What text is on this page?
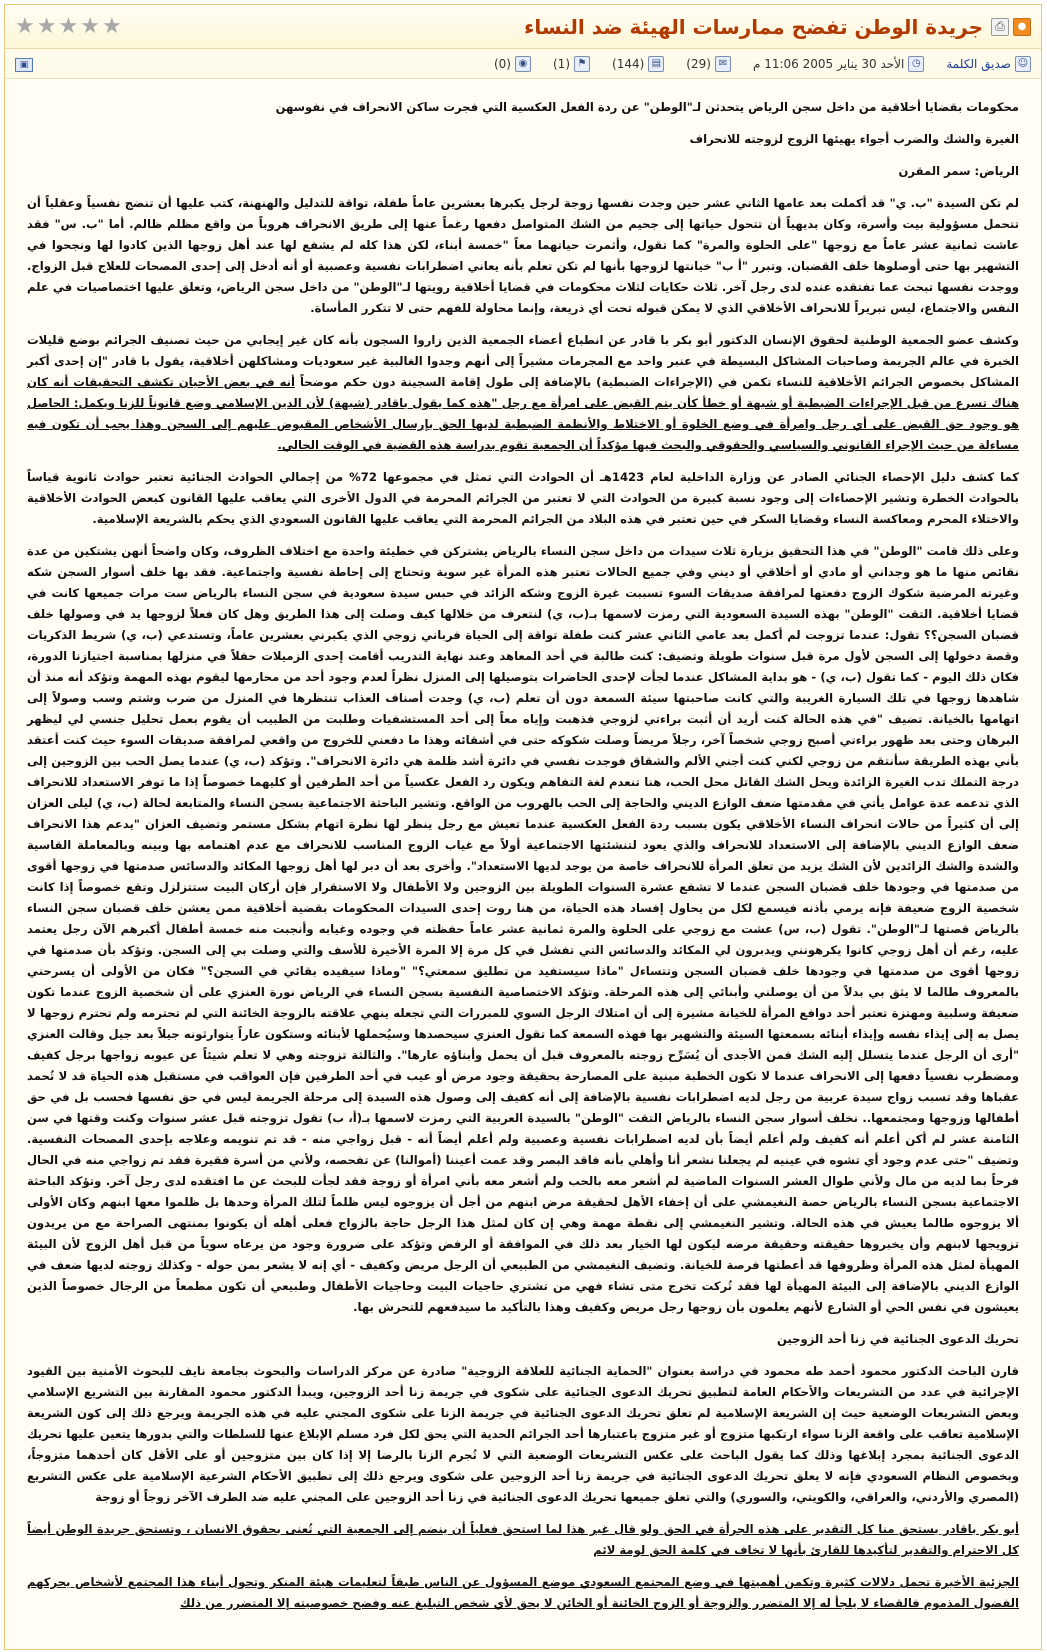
●
⎙
جريدة الوطن تفضح ممارسات الهيئة ضد النساء
★ ★ ★ ★ ★
☺
صديق الكلمة
◷
الأحد 30 يناير 2005 11:06 م
✉
(29)
▤
(144)
⚑
(1)
◉
(0)
▣

محكومات بقضايا أخلاقية من داخل سجن الرياض يتحدثن لـ"الوطن" عن ردة الفعل العكسية التي فجرت ساكن الانحراف في نفوسهن

الغيرة والشك والضرب أجواء يهيئها الزوج لزوجته للانحراف

الرياض: سمر المقرن

لم تكن السيدة "ب. ي" قد أكملت بعد عامها الثاني عشر حين وجدت نفسها زوجة لرجل يكبرها بعشرين عاماً طفلة، تواقة للتدليل والهنهنة، كتب عليها أن تنضج نفسياً وعقلياً أن تتحمل مسؤولية بيت وأسرة، وكان بديهياً أن تتحول حياتها إلى جحيم من الشك المتواصل دفعها رغماً عنها إلى طريق الانحراف هروباً من واقع مظلم ظالم. أما "ب. س" فقد عاشت ثمانية عشر عاماً مع زوجها "على الحلوة والمرة" كما تقول، وأثمرت حياتهما معاً "خمسة أبناء، لكن هذا كله لم يشفع لها عند أهل زوجها الذين كادوا لها ونجحوا في التشهير بها حتى أوصلوها خلف القضبان. وتبرر "أ ب" خيانتها لزوجها بأنها لم تكن تعلم بأنه يعاني اضطرابات نفسية وعصبية أو أنه أدخل إلى إحدى المصحات للعلاج قبل الزواج. ووجدت نفسها تبحث عما تفتقده عنده لدى رجل آخر. ثلاث حكايات لثلاث محكومات في قضايا أخلاقية رويتها لـ"الوطن" من داخل سجن الرياض، وتعلق عليها اختصاصيات في علم النفس والاجتماع، ليس تبريراً للانحراف الأخلاقي الذي لا يمكن قبوله تحت أي ذريعة، وإنما محاولة للفهم حتى لا تتكرر المأساة.

وكشف عضو الجمعية الوطنية لحقوق الإنسان الدكتور أبو بكر با قادر عن انطباع أعضاء الجمعية الذين زاروا السجون بأنه كان غير إيجابي من حيث تصنيف الجرائم بوضع قليلات الخبرة في عالم الجريمة وصاحبات المشاكل البسيطة في عنبر واحد مع المجرمات مشيراً إلى أنهم وجدوا الغالبية غير سعوديات ومشاكلهن أخلاقية، يقول با قادر "إن إحدى أكبر المشاكل بخصوص الجرائم الأخلاقية للنساء تكمن في (الإجراءات الضبطية) بالإضافة إلى طول إقامة السجينة دون حكم موضحاً أنه في بعض الأحيان تكشف التحقيقات أنه كان هناك تسرع من قبل الإجراءات الضبطية أو شبهة أو خطأ كأن يتم القبض على امرأة مع رجل "هذه كما يقول باقادر (شبهة) لأن الدين الإسلامي وضع قانوناً للزنا ويكمل: الحاصل هو وجود حق القبض على أي رجل وامرأة في وضع الخلوة أو الاختلاط والأنظمة الضبطية لديها الحق بإرسال الأشخاص المقبوض عليهم إلى السجن وهذا يجب أن تكون فيه مساءلة من حيث الإجراء القانوني والسياسي والحقوقي والبحث فيها مؤكداً أن الجمعية تقوم بدراسة هذه القضية في الوقت الحالي.

كما كشف دليل الإحصاء الجنائي الصادر عن وزارة الداخلية لعام 1423هـ أن الحوادث التي تمثل في مجموعها 72% من إجمالي الحوادث الجنائية تعتبر حوادث ثانوية قياساً بالحوادث الخطرة وتشير الإحصاءات إلى وجود نسبة كبيرة من الحوادث التي لا تعتبر من الجرائم المحرمة في الدول الأخرى التي يعاقب عليها القانون كبعض الحوادث الأخلاقية والاختلاء المحرم ومعاكسة النساء وقضايا السكر في حين تعتبر في هذه البلاد من الجرائم المحرمة التي يعاقب عليها القانون السعودي الذي يحكم بالشريعة الإسلامية.

وعلى ذلك قامت "الوطن" في هذا التحقيق بزيارة ثلاث سيدات من داخل سجن النساء بالرياض يشتركن في خطيئة واحدة مع اختلاف الظروف، وكان واضحاً أنهن يشتكين من عدة نقائص منها ما هو وجداني أو مادي أو أخلاقي أو ديني وفي جميع الحالات تعتبر هذه المرأة غير سوية وتحتاج إلى إحاطة نفسية واجتماعية. فقد بها خلف أسوار السجن شكه وغيرته المرضية شكوك الزوج دفعتها لمرافقة صديقات السوء تسببت غيرة الزوج وشكه الزائد في حبس سيدة سعودية في سجن النساء بالرياض ست مرات جميعها كانت في قضايا أخلاقية. التقت "الوطن" بهذه السيدة السعودية التي رمزت لاسمها بـ(ب، ي) لنتعرف من خلالها كيف وصلت إلى هذا الطريق وهل كان فعلاً لزوجها يد في وصولها خلف قضبان السجن؟؟ تقول: عندما تزوجت لم أكمل بعد عامي الثاني عشر كنت طفلة تواقة إلى الحياة فرباني زوجي الذي يكبرني بعشرين عاماً، وتستدعي (ب، ي) شريط الذكريات وقصة دخولها إلى السجن لأول مرة قبل سنوات طويلة وتضيف: كنت طالبة في أحد المعاهد وعند نهاية التدريب أقامت إحدى الزميلات حفلاً في منزلها بمناسبة اجتيازنا الدورة، فكان ذلك اليوم - كما تقول (ب، ي) - هو بداية المشاكل عندما لجأت لإحدى الحاضرات بتوصيلها إلى المنزل نظراً لعدم وجود أحد من محارمها ليقوم بهذه المهمة وتؤكد أنه منذ أن شاهدها زوجها في تلك السيارة الغريبة والتي كانت صاحبتها سيئة السمعة دون أن تعلم (ب، ي) وجدت أصناف العذاب تنتظرها في المنزل من ضرب وشتم وسب وصولاً إلى اتهامها بالخيانة. تضيف "في هذه الحالة كنت أريد أن أثبت براءتي لزوجي فذهبت وإياه معاً إلى أحد المستشفيات وطلبت من الطبيب أن يقوم بعمل تحليل جنسي لي ليظهر البرهان وحتى بعد ظهور براءتي أصبح زوجي شخصاً آخر، رجلاً مريضاً وصلت شكوكه حتى في أشقائه وهذا ما دفعني للخروج من واقعي لمرافقة صديقات السوء حيث كنت أعتقد بأني بهذه الطريقة سأنتقم من زوجي لكني كنت أجني الألم والشقاق فوجدت نفسي في دائرة أشد ظلمة هي دائرة الانحراف". وتؤكد (ب، ي) عندما يصل الحب بين الزوجين إلى درجة التملك تدب الغيرة الزائدة ويحل الشك القاتل محل الحب، هنا تنعدم لغة التفاهم ويكون رد الفعل عكسياً من أحد الطرفين أو كليهما خصوصاً إذا ما توفر الاستعداد للانحراف الذي تدعمه عدة عوامل يأتي في مقدمتها ضعف الوازع الديني والحاجة إلى الحب بالهروب من الواقع. وتشير الباحثة الاجتماعية بسجن النساء والمتابعة لحالة (ب، ي) ليلى العزان إلى أن كثيراً من حالات انحراف النساء الأخلاقي يكون بسبب ردة الفعل العكسية عندما تعيش مع رجل ينظر لها نظرة اتهام بشكل مستمر وتضيف العزان "يدعم هذا الانحراف ضعف الوازع الديني بالإضافة إلى الاستعداد للانحراف والذي يعود لتنشئتها الاجتماعية أولاً مع غياب الزوج المناسب للانحراف مع عدم اهتمامه بها وبينه وبالمعاملة القاسية والشدة والشك الزائدين لأن الشك يزيد من تعلق المرأة للانحراف خاصة من يوجد لديها الاستعداد". وأخرى بعد أن دبر لها أهل زوجها المكائد والدسائس صدمتها في زوجها أقوى من صدمتها في وجودها خلف قضبان السجن عندما لا تشفع عشرة السنوات الطويلة بين الزوجين ولا الأطفال ولا الاستقرار فإن أركان البيت ستتزلزل وتقع خصوصاً إذا كانت شخصية الزوج ضعيفة فإنه يرمي بأذنه فيسمع لكل من يحاول إفساد هذه الحياة، من هنا روت إحدى السيدات المحكومات بقضية أخلاقية ممن يعشن خلف قضبان سجن النساء بالرياض قصتها لـ"الوطن". تقول (ب، س) عشت مع زوجي على الحلوة والمرة ثمانية عشر عاماً حفظته في وجوده وغيابه وأنجبت منه خمسة أطفال أكبرهم الآن رجل يعتمد عليه، رغم أن أهل زوجي كانوا يكرهونني ويدبرون لي المكائد والدسائس التي تفشل في كل مرة إلا المرة الأخيرة للأسف والتي وصلت بي إلى السجن. وتؤكد بأن صدمتها في زوجها أقوى من صدمتها في وجودها خلف قضبان السجن وتتساءل "ماذا سيستفيد من تطليق سمعتي؟" "وماذا سيفيده بقائي في السجن؟" فكان من الأولى أن يسرحني بالمعروف طالما لا يثق بي بدلاً من أن يوصلني وأبنائي إلى هذه المرحلة. وتؤكد الاختصاصية النفسية بسجن النساء في الرياض نورة العنزي على أن شخصية الزوج عندما تكون ضعيفة وسلبية ومهتزة تعتبر أحد دوافع المرأة للخيانة مشيرة إلى أن امتلاك الرجل السوي للمبررات التي تجعله ينهي علاقته بالزوجة الخائنة التي لم تحترمه ولم تحترم زوجها لا يصل به إلى إيذاء نفسه وإيذاء أبنائه بسمعتها السيئة والتشهير بها فهذه السمعة كما تقول العنزي سيحصدها وسيُحملها لأبنائه وستكون عاراً يتوارثونه جيلاً بعد جيل وقالت العنزي "أرى أن الرجل عندما يتسلل إليه الشك فمن الأجدى أن يُسَرِّح زوجته بالمعروف قبل أن يحمل وأبناؤه عارها". والثالثة تزوجته وهي لا تعلم شيئاً عن عيوبه زواجها برجل كفيف ومضطرب نفسياً دفعها إلى الانحراف عندما لا تكون الخطبة مبنية على المصارحة بحقيقة وجود مرض أو عيب في أحد الطرفين فإن العواقب في مستقبل هذه الحياة قد لا تُحمد عقباها وقد تسبب زواج سيدة عربية من رجل لديه اضطرابات نفسية بالإضافة إلى أنه كفيف إلى وصول هذه السيدة إلى مرحلة الجريمة ليس في حق نفسها فحسب بل في حق أطفالها وزوجها ومجتمعها.. نخلف أسوار سجن النساء بالرياض التقت "الوطن" بالسيدة العربية التي رمزت لاسمها بـ(أ، ب) تقول تزوجته قبل عشر سنوات وكنت وقتها في سن الثامنة عشر لم أكن أعلم أنه كفيف ولم أعلم أيضاً بأن لديه اضطرابات نفسية وعصبية ولم أعلم أيضاً أنه - قبل زواجي منه - قد تم تنويمه وعلاجه بإحدى المصحات النفسية. وتضيف "حتى عدم وجود أي تشوه في عينيه لم يجعلنا نشعر أنا وأهلي بأنه فاقد البصر وقد عمت أعيننا (أموالنا) عن تفحصه، ولأني من أسرة فقيرة فقد تم زواجي منه في الحال فرحاً بما لديه من مال ولأني طوال العشر السنوات الماضية لم أشعر معه بالحب ولم أشعر معه بأني امرأة أو زوجة فقد لجأت للبحث عن ما افتقده لدى رجل آخر. وتؤكد الباحثة الاجتماعية بسجن النساء بالرياض حصة النغيمشي على أن إخفاء الأهل لحقيقة مرض ابنهم من أجل أن يزوجوه ليس ظلماً لتلك المرأة وحدها بل ظلموا معها ابنهم وكان الأولى ألا يزوجوه طالما يعيش في هذه الحالة. وتشير النغيمشي إلى نقطة مهمة وهي إن كان لمثل هذا الرجل حاجة بالزواج فعلى أهله أن يكونوا بمنتهى الصراحة مع من يريدون تزويجها لابنهم وأن يخبروها حقيقته وحقيقة مرضه ليكون لها الخيار بعد ذلك في الموافقة أو الرفض وتؤكد على ضرورة وجود من يرعاه سوياً من قبل أهل الزوج لأن البيئة المهيأة لمثل هذه المرأة وظروفها قد أعطتها فرصة للخيانة. وتضيف النغيمشي من الطبيعي أن الرجل مريض وكفيف - أي إنه لا يشعر بمن حوله - وكذلك زوجته لديها ضعف في الوازع الديني بالإضافة إلى البيئة المهيأة لها فقد تُركت تخرج متى تشاء فهي من تشتري حاجيات البيت وحاجيات الأطفال وطبيعي أن تكون مطمعاً من الرجال خصوصاً الذين يعيشون في نفس الحي أو الشارع لأنهم يعلمون بأن زوجها رجل مريض وكفيف وهذا بالتأكيد ما سيدفعهم للتحرش بها.

تحريك الدعوى الجنائية في زنا أحد الزوجين

قارن الباحث الدكتور محمود أحمد طه محمود في دراسة بعنوان "الحماية الجنائية للعلاقة الزوجية" صادرة عن مركز الدراسات والبحوث بجامعة نايف للبحوث الأمنية بين القيود الإجرائية في عدد من التشريعات والأحكام العامة لتطبيق تحريك الدعوى الجنائية على شكوى في جريمة زنا أحد الزوجين، ويبدأ الدكتور محمود المقارنة بين التشريع الإسلامي وبعض التشريعات الوضعية حيث إن الشريعة الإسلامية لم تعلق تحريك الدعوى الجنائية في جريمة الزنا على شكوى المجني عليه في هذه الجريمة ويرجع ذلك إلى كون الشريعة الإسلامية تعاقب على واقعة الزنا سواء ارتكبها متزوج أو غير متزوج باعتبارها أحد الجرائم الحدية التي يحق لكل فرد مسلم الإبلاغ عنها للسلطات والتي بدورها يتعين عليها تحريك الدعوى الجنائية بمجرد إبلاغها وذلك كما يقول الباحث على عكس التشريعات الوضعية التي لا تُجرم الزنا بالرضا إلا إذا كان بين متزوجين أو على الأقل كان أحدهما متزوجاً، وبخصوص النظام السعودي فإنه لا يعلق تحريك الدعوى الجنائية في جريمة زنا أحد الزوجين على شكوى ويرجع ذلك إلى تطبيق الأحكام الشرعية الإسلامية على عكس التشريع (المصري والأردني، والعراقي، والكويتي، والسوري) والتي تعلق جميعها تحريك الدعوى الجنائية في زنا أحد الزوجين على المجني عليه ضد الطرف الآخر زوجاً أو زوجة

أبو بكر باقادر يستحق منا كل التقدير على هذه الجرأة في الحق ولو قال غير هذا لما استحق فعلياً أن ينضم إلى الجمعية التي تُعنى بحقوق الانسان ، وتستحق جريدة الوطن أيضاً كل الاحترام والتقدير لتأكيدها للقارئ بأنها لا تخاف في كلمة الحق لومة لائم

الجزئية الأخيرة تحمل دلالات كثيرة وتكمن أهميتها في وضع المجتمع السعودي موضع المسؤول عن الناس طبقاً لتعليمات هيئة المنكر وتحول أبناء هذا المجتمع لأشخاص يحركهم الفضول المذموم فالقضاء لا يلجأ له إلا المتضرر والزوجة أو الزوج الخائنة أو الخائن لا يحق لأي شخص التبليغ عنه وفضح خصوصيته إلا المتضرر من ذلك
